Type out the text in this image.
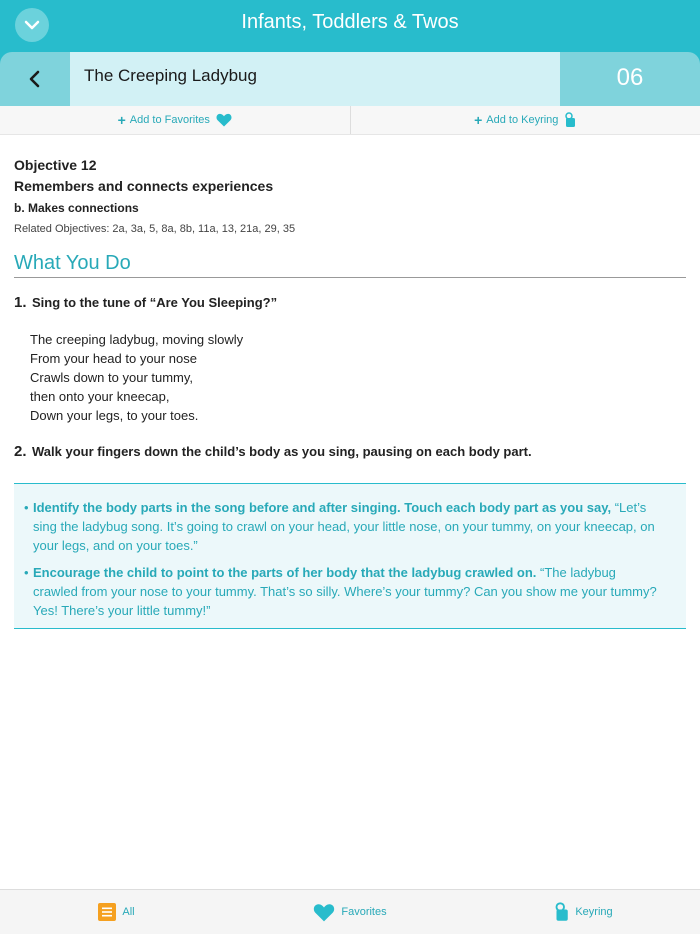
Infants, Toddlers & Twos
The Creeping Ladybug	06
+ Add to Favorites	+ Add to Keyring
Objective 12
Remembers and connects experiences
b. Makes connections
Related Objectives: 2a, 3a, 5, 8a, 8b, 11a, 13, 21a, 29, 35
What You Do
1. Sing to the tune of “Are You Sleeping?”
The creeping ladybug, moving slowly
From your head to your nose
Crawls down to your tummy,
then onto your kneecap,
Down your legs, to your toes.
2. Walk your fingers down the child’s body as you sing, pausing on each body part.
• Identify the body parts in the song before and after singing. Touch each body part as you say, “Let’s sing the ladybug song. It’s going to crawl on your head, your little nose, on your tummy, on your kneecap, on your legs, and on your toes.”
• Encourage the child to point to the parts of her body that the ladybug crawled on. “The ladybug crawled from your nose to your tummy. That’s so silly. Where’s your tummy? Can you show me your tummy? Yes! There’s your little tummy!”
All	Favorites	Keyring
